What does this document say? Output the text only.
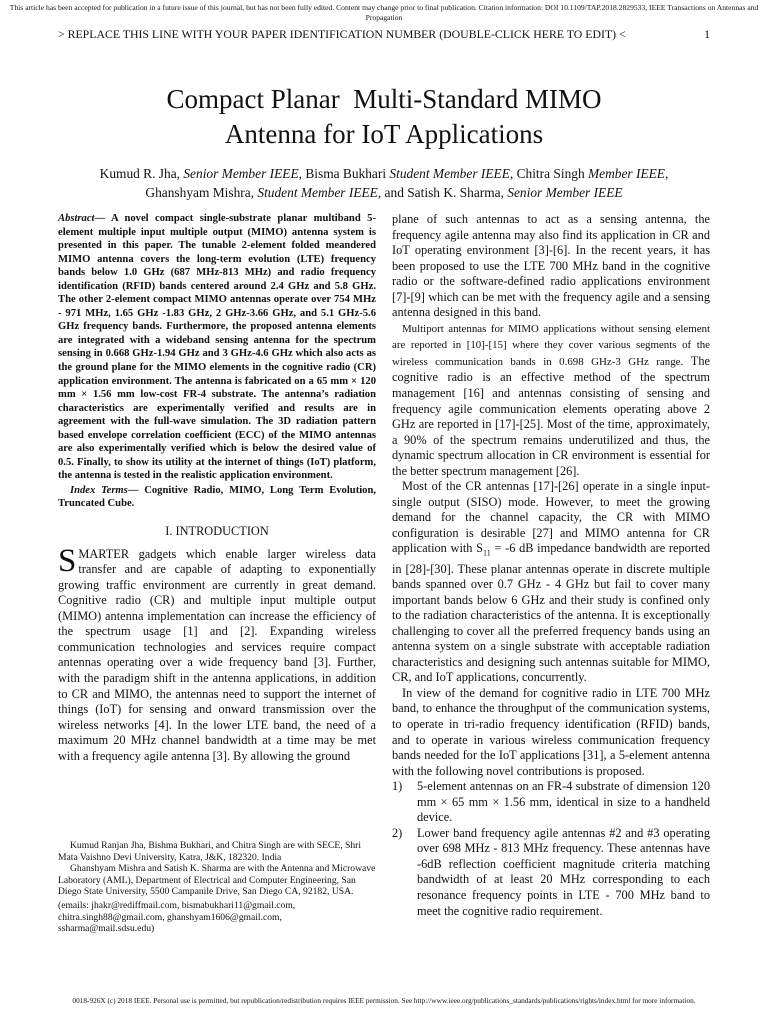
This article has been accepted for publication in a future issue of this journal, but has not been fully edited. Content may change prior to final publication. Citation information: DOI 10.1109/TAP.2018.2829533, IEEE Transactions on Antennas and Propagation
> REPLACE THIS LINE WITH YOUR PAPER IDENTIFICATION NUMBER (DOUBLE-CLICK HERE TO EDIT) <	1
Compact Planar  Multi-Standard MIMO
Antenna for IoT Applications
Kumud R. Jha, Senior Member IEEE, Bisma Bukhari Student Member IEEE, Chitra Singh Member IEEE,
Ghanshyam Mishra, Student Member IEEE, and Satish K. Sharma, Senior Member IEEE

Abstract— A novel compact single-substrate planar multiband 5-element multiple input multiple output (MIMO) antenna system is presented in this paper. The tunable 2-element folded meandered MIMO antenna covers the long-term evolution (LTE) frequency bands below 1.0 GHz (687 MHz-813 MHz) and radio frequency identification (RFID) bands centered around 2.4 GHz and 5.8 GHz. The other 2-element compact MIMO antennas operate over 754 MHz - 971 MHz, 1.65 GHz -1.83 GHz, 2 GHz-3.66 GHz, and 5.1 GHz-5.6 GHz frequency bands. Furthermore, the proposed antenna elements are integrated with a wideband sensing antenna for the spectrum sensing in 0.668 GHz-1.94 GHz and 3 GHz-4.6 GHz which also acts as the ground plane for the MIMO elements in the cognitive radio (CR) application environment. The antenna is fabricated on a 65 mm × 120 mm × 1.56 mm low-cost FR-4 substrate. The antenna’s radiation characteristics are experimentally verified and results are in agreement with the full-wave simulation. The 3D radiation pattern based envelope correlation coefficient (ECC) of the MIMO antennas are also experimentally verified which is below the desired value of 0.5. Finally, to show its utility at the internet of things (IoT) platform, the antenna is tested in the realistic application environment.

Index Terms— Cognitive Radio, MIMO, Long Term Evolution, Truncated Cube.

I. INTRODUCTION

SMARTER gadgets which enable larger wireless data transfer and are capable of adapting to exponentially growing traffic environment are currently in great demand. Cognitive radio (CR) and multiple input multiple output (MIMO) antenna implementation can increase the efficiency of the spectrum usage [1] and [2]. Expanding wireless communication technologies and services require compact antennas operating over a wide frequency band [3]. Further, with the paradigm shift in the antenna applications, in addition to CR and MIMO, the antennas need to support the internet of things (IoT) for sensing and onward transmission over the wireless networks [4]. In the lower LTE band, the need of a maximum 20 MHz channel bandwidth at a time may be met with a frequency agile antenna [3]. By allowing the ground

Kumud Ranjan Jha, Bishma Bukhari, and Chitra Singh are with SECE, Shri Mata Vaishno Devi University, Katra, J&K, 182320. India

Ghanshyam Mishra and Satish K. Sharma are with the Antenna and Microwave Laboratory (AML), Department of Electrical and Computer Engineering, San Diego State University, 5500 Campanile Drive, San Diego CA, 92182, USA.

(emails: jhakr@rediffmail.com, bismabukhari11@gmail.com, chitra.singh88@gmail.com, ghanshyam1606@gmail.com, ssharma@mail.sdsu.edu)

plane of such antennas to act as a sensing antenna, the frequency agile antenna may also find its application in CR and IoT operating environment [3]-[6]. In the recent years, it has been proposed to use the LTE 700 MHz band in the cognitive radio or the software-defined radio applications environment [7]-[9] which can be met with the frequency agile and a sensing antenna designed in this band.

Multiport antennas for MIMO applications without sensing element are reported in [10]-[15] where they cover various segments of the wireless communication bands in 0.698 GHz-3 GHz range. The cognitive radio is an effective method of the spectrum management [16] and antennas consisting of sensing and frequency agile communication elements operating above 2 GHz are reported in [17]-[25]. Most of the time, approximately, a 90% of the spectrum remains underutilized and thus, the dynamic spectrum allocation in CR environment is essential for the better spectrum management [26].

Most of the CR antennas [17]-[26] operate in a single input-single output (SISO) mode. However, to meet the growing demand for the channel capacity, the CR with MIMO configuration is desirable [27] and MIMO antenna for CR application with $S_{11} = -6$ dB impedance bandwidth are reported in [28]-[30]. These planar antennas operate in discrete multiple bands spanned over 0.7 GHz - 4 GHz but fail to cover many important bands below 6 GHz and their study is confined only to the radiation characteristics of the antenna. It is exceptionally challenging to cover all the preferred frequency bands using an antenna system on a single substrate with acceptable radiation characteristics and designing such antennas suitable for MIMO, CR, and IoT applications, concurrently.

In view of the demand for cognitive radio in LTE 700 MHz band, to enhance the throughput of the communication systems, to operate in tri-radio frequency identification (RFID) bands, and to operate in various wireless communication frequency bands needed for the IoT applications [31], a 5-element antenna with the following novel contributions is proposed.

1) 5-element antennas on an FR-4 substrate of dimension 120 mm × 65 mm × 1.56 mm, identical in size to a handheld device.
2) Lower band frequency agile antennas #2 and #3 operating over 698 MHz - 813 MHz frequency. These antennas have -6dB reflection coefficient magnitude criteria matching bandwidth of at least 20 MHz corresponding to each resonance frequency points in LTE - 700 MHz band to meet the cognitive radio requirement.
0018-926X (c) 2018 IEEE. Personal use is permitted, but republication/redistribution requires IEEE permission. See http://www.ieee.org/publications_standards/publications/rights/index.html for more information.
